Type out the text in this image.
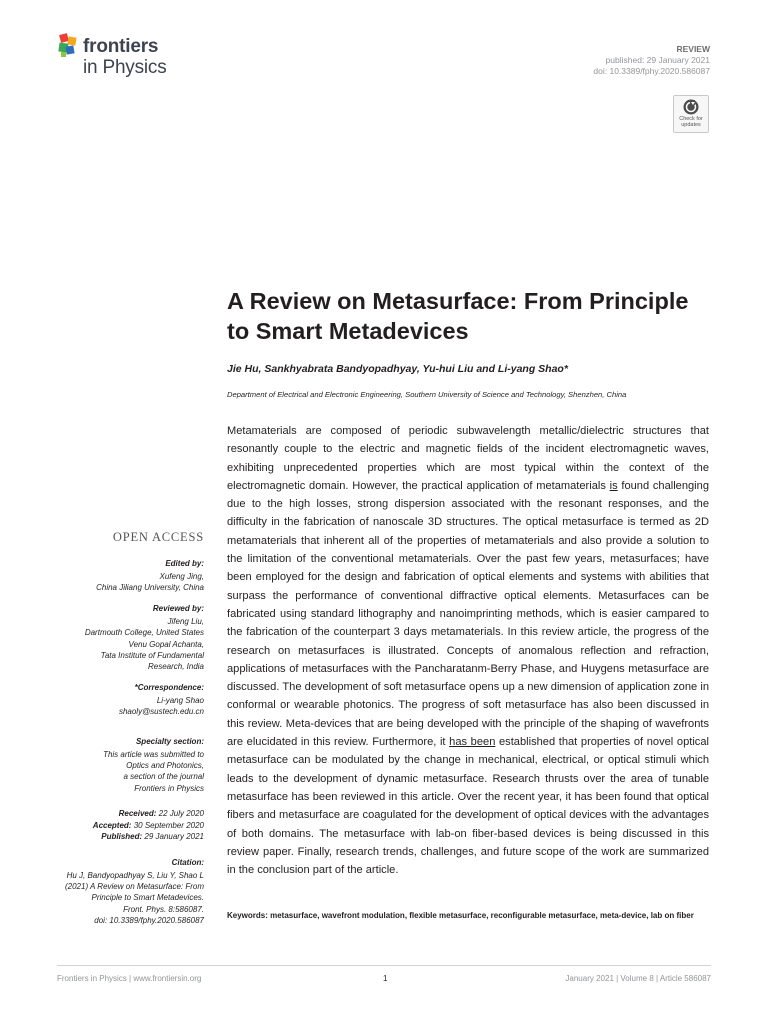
frontiers
in Physics
REVIEW
published: 29 January 2021
doi: 10.3389/fphy.2020.586087
Check for
updates
A Review on Metasurface: From Principle to Smart Metadevices
Jie Hu, Sankhyabrata Bandyopadhyay, Yu-hui Liu and Li-yang Shao*
Department of Electrical and Electronic Engineering, Southern University of Science and Technology, Shenzhen, China

Metamaterials are composed of periodic subwavelength metallic/dielectric structures that resonantly couple to the electric and magnetic fields of the incident electromagnetic waves, exhibiting unprecedented properties which are most typical within the context of the electromagnetic domain. However, the practical application of metamaterials is found challenging due to the high losses, strong dispersion associated with the resonant responses, and the difficulty in the fabrication of nanoscale 3D structures. The optical metasurface is termed as 2D metamaterials that inherent all of the properties of metamaterials and also provide a solution to the limitation of the conventional metamaterials. Over the past few years, metasurfaces; have been employed for the design and fabrication of optical elements and systems with abilities that surpass the performance of conventional diffractive optical elements. Metasurfaces can be fabricated using standard lithography and nanoimprinting methods, which is easier campared to the fabrication of the counterpart 3 days metamaterials. In this review article, the progress of the research on metasurfaces is illustrated. Concepts of anomalous reflection and refraction, applications of metasurfaces with the Pancharatanm-Berry Phase, and Huygens metasurface are discussed. The development of soft metasurface opens up a new dimension of application zone in conformal or wearable photonics. The progress of soft metasurface has also been discussed in this review. Meta-devices that are being developed with the principle of the shaping of wavefronts are elucidated in this review. Furthermore, it has been established that properties of novel optical metasurface can be modulated by the change in mechanical, electrical, or optical stimuli which leads to the development of dynamic metasurface. Research thrusts over the area of tunable metasurface has been reviewed in this article. Over the recent year, it has been found that optical fibers and metasurface are coagulated for the development of optical devices with the advantages of both domains. The metasurface with lab-on fiber-based devices is being discussed in this review paper. Finally, research trends, challenges, and future scope of the work are summarized in the conclusion part of the article.

Keywords: metasurface, wavefront modulation, flexible metasurface, reconfigurable metasurface, meta-device, lab on fiber
OPEN ACCESS
Edited by:
Xufeng Jing,
China Jiliang University, China
Reviewed by:
Jifeng Liu,
Dartmouth College, United States
Venu Gopal Achanta,
Tata Institute of Fundamental
Research, India
*Correspondence:
Li-yang Shao
shaoly@sustech.edu.cn
Specialty section:
This article was submitted to
Optics and Photonics,
a section of the journal
Frontiers in Physics
Received: 22 July 2020
Accepted: 30 September 2020
Published: 29 January 2021
Citation:
Hu J, Bandyopadhyay S, Liu Y, Shao L
(2021) A Review on Metasurface: From
Principle to Smart Metadevices.
Front. Phys. 8:586087.
doi: 10.3389/fphy.2020.586087
Frontiers in Physics | www.frontiersin.org	1	January 2021 | Volume 8 | Article 586087
